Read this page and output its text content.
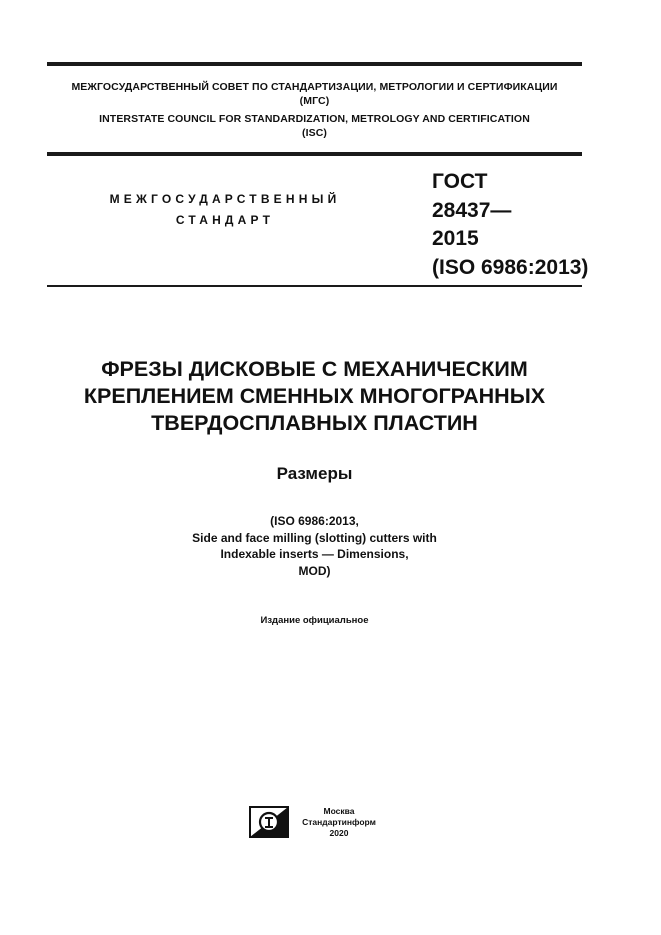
МЕЖГОСУДАРСТВЕННЫЙ СОВЕТ ПО СТАНДАРТИЗАЦИИ, МЕТРОЛОГИИ И СЕРТИФИКАЦИИ
(МГС)
INTERSTATE COUNCIL FOR STANDARDIZATION, METROLOGY AND CERTIFICATION
(ISC)
МЕЖГОСУДАРСТВЕННЫЙ
СТАНДАРТ
ГОСТ
28437—
2015
(ISO 6986:2013)
ФРЕЗЫ ДИСКОВЫЕ С МЕХАНИЧЕСКИМ
КРЕПЛЕНИЕМ СМЕННЫХ МНОГОГРАННЫХ
ТВЕРДОСПЛАВНЫХ ПЛАСТИН
Размеры
(ISO 6986:2013,
Side and face milling (slotting) cutters with
Indexable inserts — Dimensions,
MOD)
Издание официальное
Москва
Стандартинформ
2020
